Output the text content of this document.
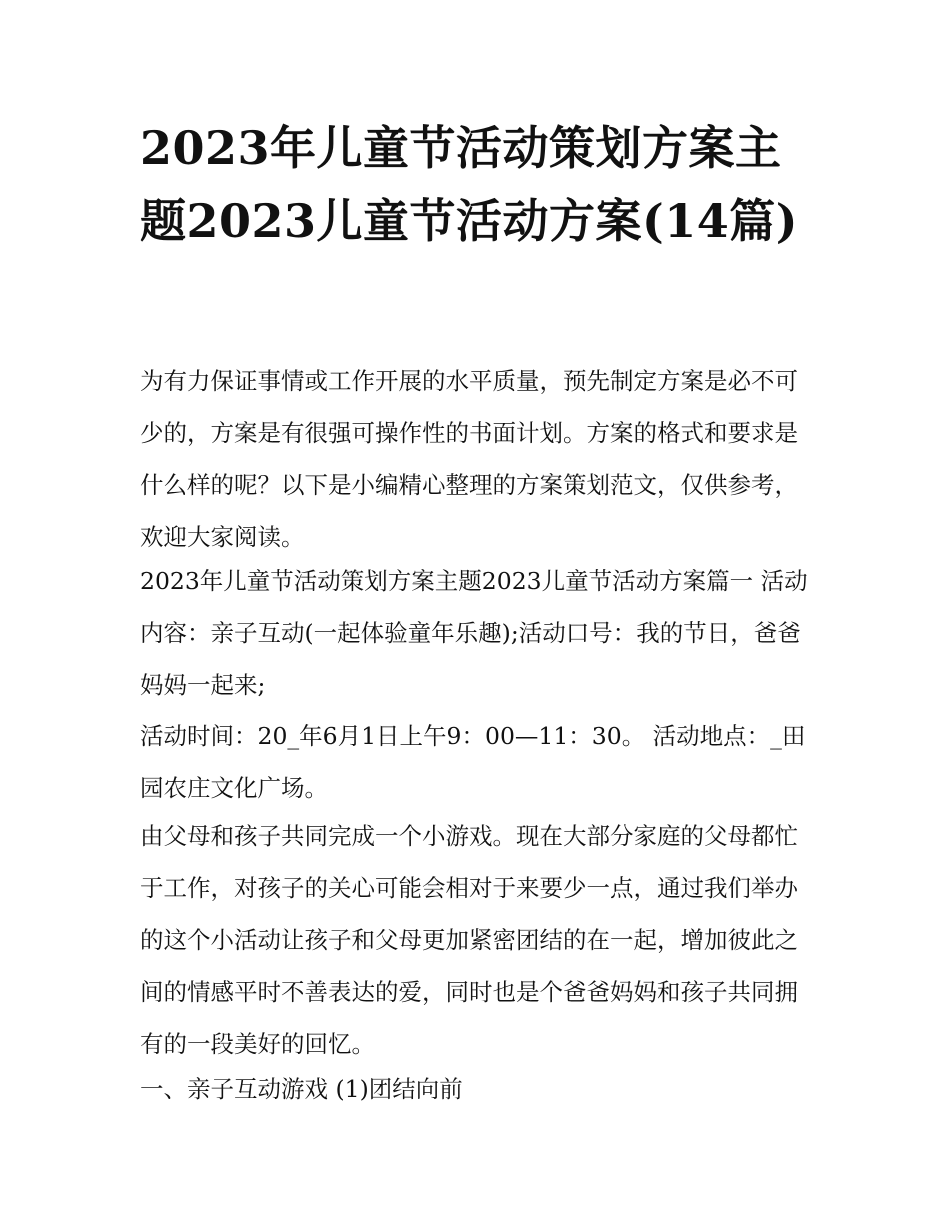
2023年儿童节活动策划方案主题2023儿童节活动方案(14篇)

为有力保证事情或工作开展的水平质量，预先制定方案是必不可少的，方案是有很强可操作性的书面计划。方案的格式和要求是什么样的呢？以下是小编精心整理的方案策划范文，仅供参考，欢迎大家阅读。

2023年儿童节活动策划方案主题2023儿童节活动方案篇一 活动内容：亲子互动(一起体验童年乐趣);活动口号：我的节日，爸爸妈妈一起来;

活动时间：20_年6月1日上午9：00—11：30。 活动地点：_田园农庄文化广场。

由父母和孩子共同完成一个小游戏。现在大部分家庭的父母都忙于工作，对孩子的关心可能会相对于来要少一点，通过我们举办的这个小活动让孩子和父母更加紧密团结的在一起，增加彼此之间的情感平时不善表达的爱，同时也是个爸爸妈妈和孩子共同拥有的一段美好的回忆。

一、亲子互动游戏 (1)团结向前
